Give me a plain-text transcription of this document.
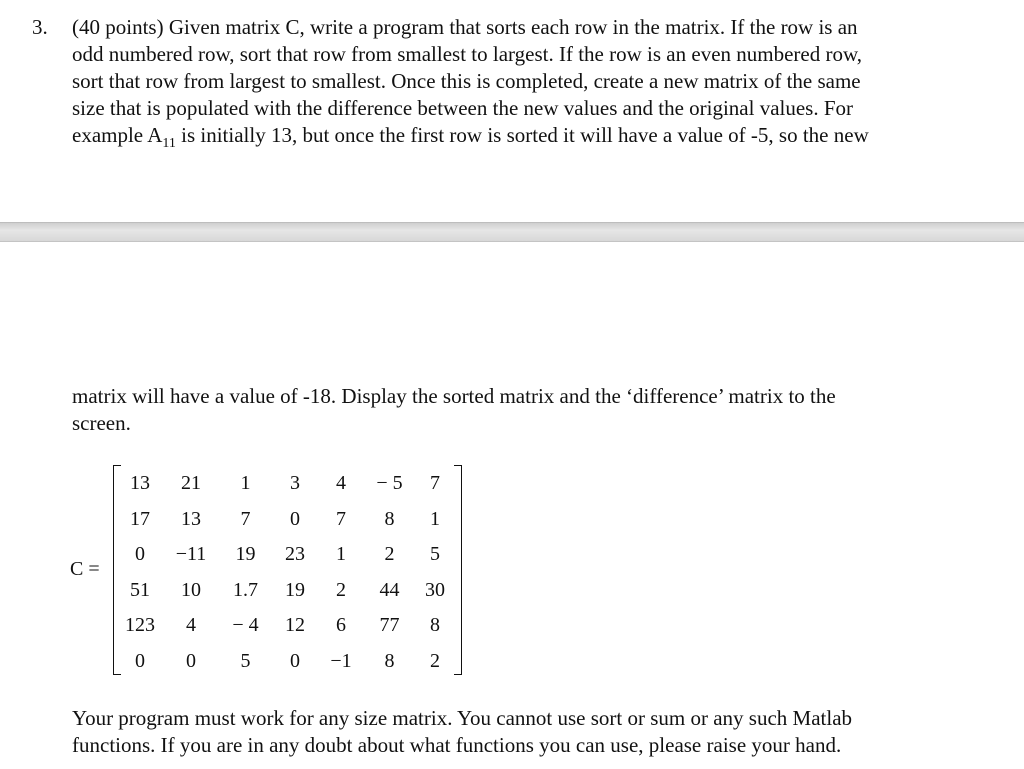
3. (40 points) Given matrix C, write a program that sorts each row in the matrix. If the row is an
odd numbered row, sort that row from smallest to largest. If the row is an even numbered row,
sort that row from largest to smallest. Once this is completed, create a new matrix of the same
size that is populated with the difference between the new values and the original values. For
example $A_{11}$ is initially 13, but once the first row is sorted it will have a value of -5, so the new
matrix will have a value of -18. Display the sorted matrix and the ‘difference’ matrix to the
screen.
C =
13	21	1	3	4	− 5	7
17	13	7	0	7	8	1
0	−11	19	23	1	2	5
51	10	1.7	19	2	44	30
123	4	− 4	12	6	77	8
0	0	5	0	−1	8	2
Your program must work for any size matrix. You cannot use sort or sum or any such Matlab
functions. If you are in any doubt about what functions you can use, please raise your hand.
